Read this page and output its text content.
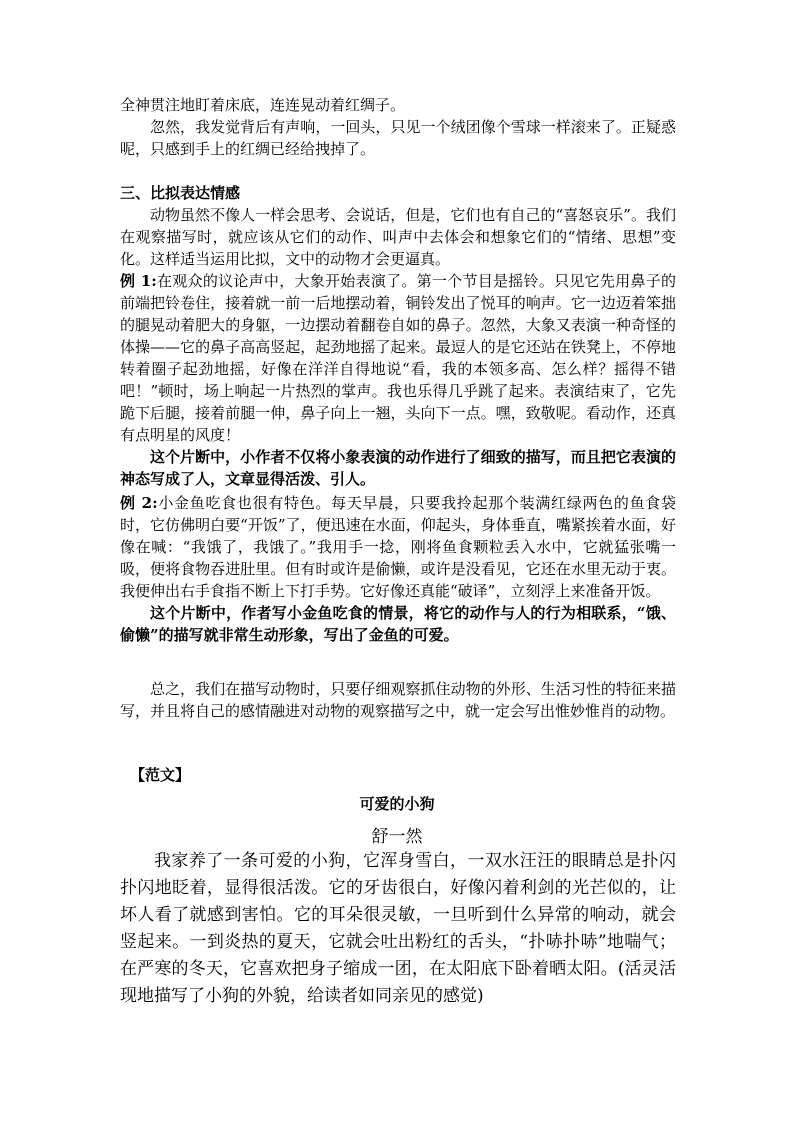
全神贯注地盯着床底，连连晃动着红绸子。

忽然，我发觉背后有声响，一回头，只见一个绒团像个雪球一样滚来了。正疑惑呢，只感到手上的红绸已经给拽掉了。

三、比拟表达情感

动物虽然不像人一样会思考、会说话，但是，它们也有自己的“喜怒哀乐”。我们在观察描写时，就应该从它们的动作、叫声中去体会和想象它们的“情绪、思想”变化。这样适当运用比拟，文中的动物才会更逼真。

例 1:在观众的议论声中，大象开始表演了。第一个节目是摇铃。只见它先用鼻子的前端把铃卷住，接着就一前一后地摆动着，铜铃发出了悦耳的响声。它一边迈着笨拙的腿晃动着肥大的身躯，一边摆动着翻卷自如的鼻子。忽然，大象又表演一种奇怪的体操——它的鼻子高高竖起，起劲地摇了起来。最逗人的是它还站在铁凳上，不停地转着圈子起劲地摇，好像在洋洋自得地说“看，我的本领多高、怎么样？摇得不错吧！”顿时，场上响起一片热烈的掌声。我也乐得几乎跳了起来。表演结束了，它先跪下后腿，接着前腿一伸，鼻子向上一翘，头向下一点。嘿，致敬呢。看动作，还真有点明星的风度！

这个片断中，小作者不仅将小象表演的动作进行了细致的描写，而且把它表演的神态写成了人，文章显得活泼、引人。

例 2:小金鱼吃食也很有特色。每天早晨，只要我拎起那个装满红绿两色的鱼食袋时，它仿佛明白要“开饭”了，便迅速在水面，仰起头，身体垂直，嘴紧挨着水面，好像在喊：“我饿了，我饿了。”我用手一捻，刚将鱼食颗粒丢入水中，它就猛张嘴一吸，便将食物吞进肚里。但有时或许是偷懒，或许是没看见，它还在水里无动于衷。我便伸出右手食指不断上下打手势。它好像还真能“破译”，立刻浮上来准备开饭。

这个片断中，作者写小金鱼吃食的情景，将它的动作与人的行为相联系，“饿、偷懒”的描写就非常生动形象，写出了金鱼的可爱。

总之，我们在描写动物时，只要仔细观察抓住动物的外形、生活习性的特征来描写，并且将自己的感情融进对动物的观察描写之中，就一定会写出惟妙惟肖的动物。

【范文】
可爱的小狗
舒一然

我家养了一条可爱的小狗，它浑身雪白，一双水汪汪的眼睛总是扑闪扑闪地眨着，显得很活泼。它的牙齿很白，好像闪着利剑的光芒似的，让坏人看了就感到害怕。它的耳朵很灵敏，一旦听到什么异常的响动，就会竖起来。一到炎热的夏天，它就会吐出粉红的舌头，“扑哧扑哧”地喘气；在严寒的冬天，它喜欢把身子缩成一团，在太阳底下卧着晒太阳。(活灵活现地描写了小狗的外貌，给读者如同亲见的感觉)
